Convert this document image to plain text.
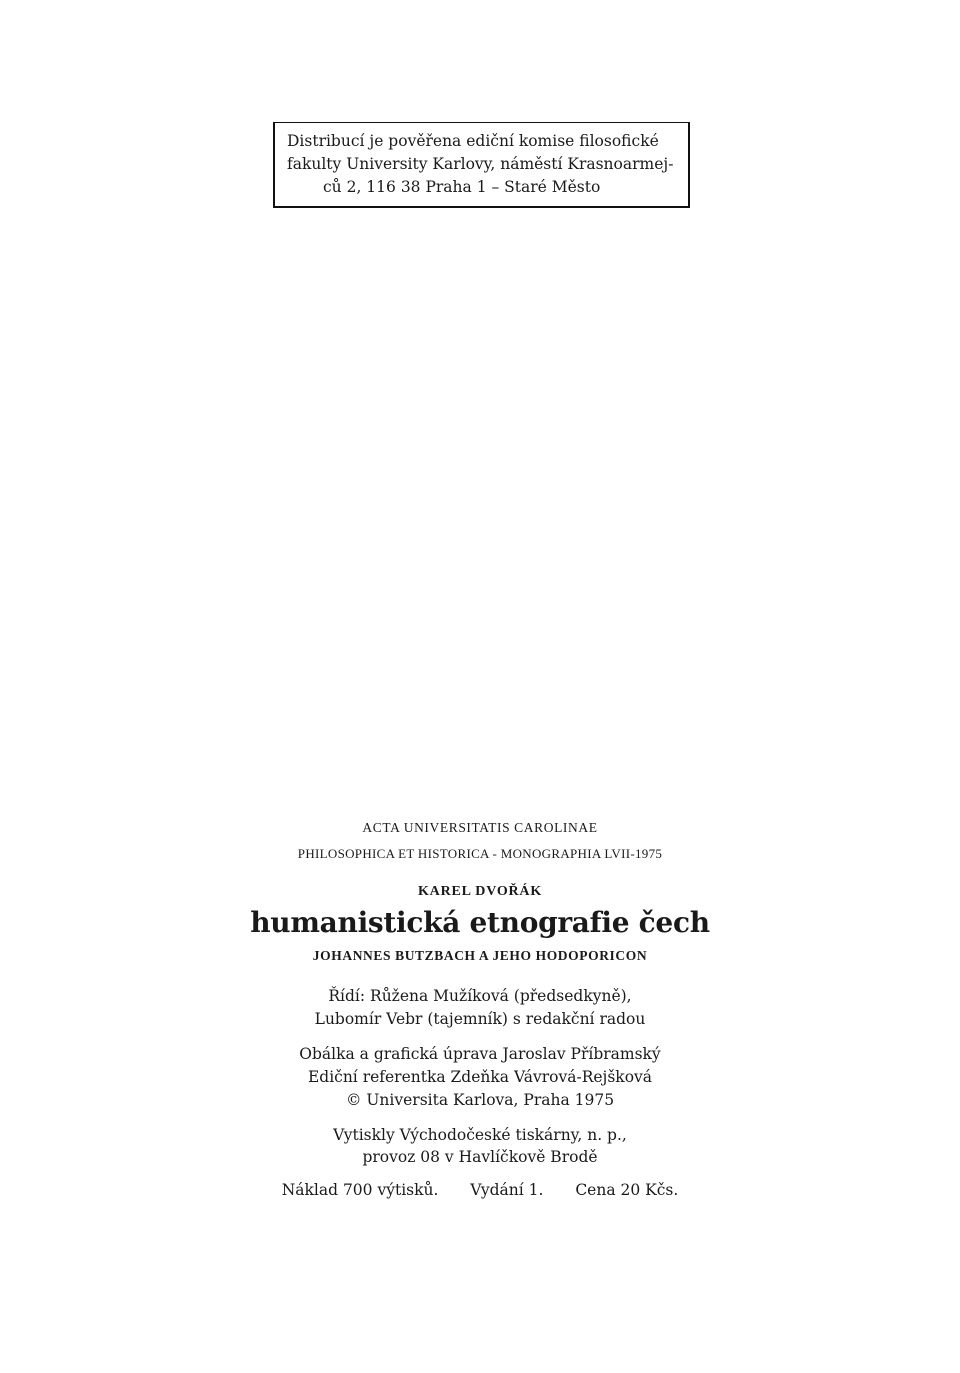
Distribucí je pověřena ediční komise filosofické
fakulty University Karlovy, náměstí Krasnoarmej-
ců 2, 116 38 Praha 1 – Staré Město
ACTA UNIVERSITATIS CAROLINAE
PHILOSOPHICA ET HISTORICA - MONOGRAPHIA LVII-1975
KAREL DVOŘÁK
humanistická etnografie čech
JOHANNES BUTZBACH A JEHO HODOPORICON
Řídí: Růžena Mužíková (předsedkyně),
Lubomír Vebr (tajemník) s redakční radou
Obálka a grafická úprava Jaroslav Příbramský
Ediční referentka Zdeňka Vávrová-Rejšková
© Universita Karlova, Praha 1975
Vytiskly Východočeské tiskárny, n. p.,
provoz 08 v Havlíčkově Brodě
Náklad 700 výtisků. Vydání 1. Cena 20 Kčs.
